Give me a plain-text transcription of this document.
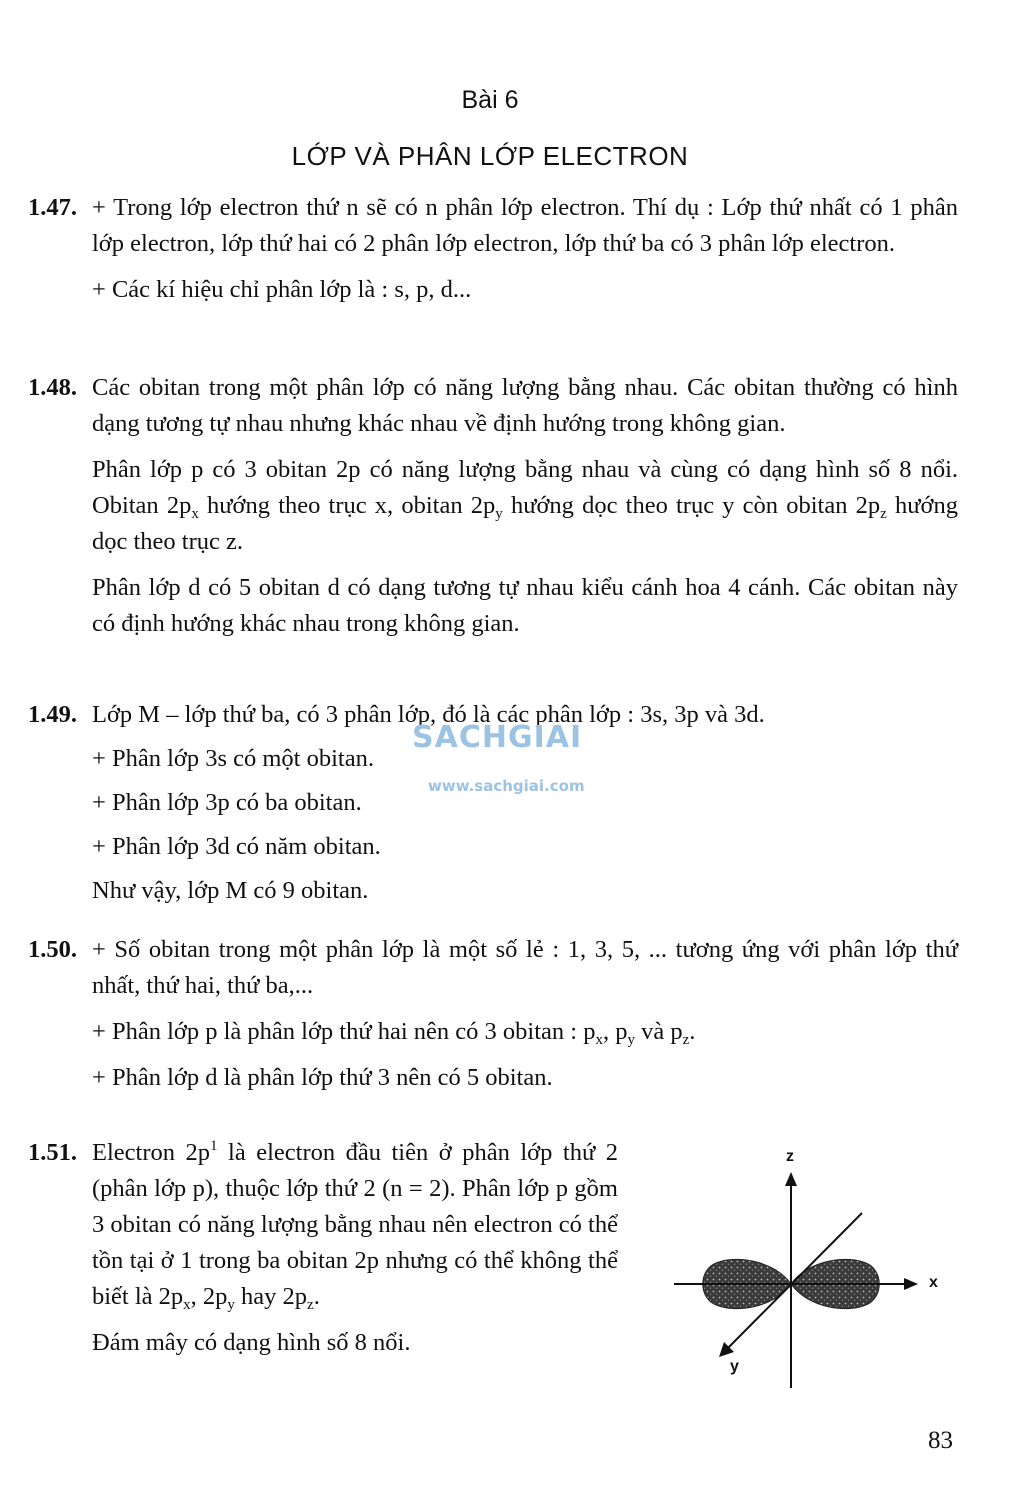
Bài 6
LỚP VÀ PHÂN LỚP ELECTRON
1.47. + Trong lớp electron thứ n sẽ có n phân lớp electron. Thí dụ : Lớp thứ nhất có 1 phân lớp electron, lớp thứ hai có 2 phân lớp electron, lớp thứ ba có 3 phân lớp electron.

+ Các kí hiệu chỉ phân lớp là : s, p, d...

1.48. Các obitan trong một phân lớp có năng lượng bằng nhau. Các obitan thường có hình dạng tương tự nhau nhưng khác nhau về định hướng trong không gian.

Phân lớp p có 3 obitan 2p có năng lượng bằng nhau và cùng có dạng hình số 8 nổi. Obitan $2p_x$ hướng theo trục x, obitan $2p_y$ hướng dọc theo trục y còn obitan $2p_z$ hướng dọc theo trục z.

Phân lớp d có 5 obitan d có dạng tương tự nhau kiểu cánh hoa 4 cánh. Các obitan này có định hướng khác nhau trong không gian.

1.49. Lớp M – lớp thứ ba, có 3 phân lớp, đó là các phân lớp : 3s, 3p và 3d.

+ Phân lớp 3s có một obitan.

+ Phân lớp 3p có ba obitan.

+ Phân lớp 3d có năm obitan.

Như vậy, lớp M có 9 obitan.

1.50. + Số obitan trong một phân lớp là một số lẻ : 1, 3, 5, ... tương ứng với phân lớp thứ nhất, thứ hai, thứ ba,...

+ Phân lớp p là phân lớp thứ hai nên có 3 obitan : $p_x$, $p_y$ và $p_z$.

+ Phân lớp d là phân lớp thứ 3 nên có 5 obitan.

1.51. Electron $2p^1$ là electron đầu tiên ở phân lớp thứ 2 (phân lớp p), thuộc lớp thứ 2 (n = 2). Phân lớp p gồm 3 obitan có năng lượng bằng nhau nên electron có thể tồn tại ở 1 trong ba obitan 2p nhưng có thể không thể biết là $2p_x$, $2p_y$ hay $2p_z$.

Đám mây có dạng hình số 8 nổi.

z
x
y
SACHGIAI
www.sachgiai.com
83
